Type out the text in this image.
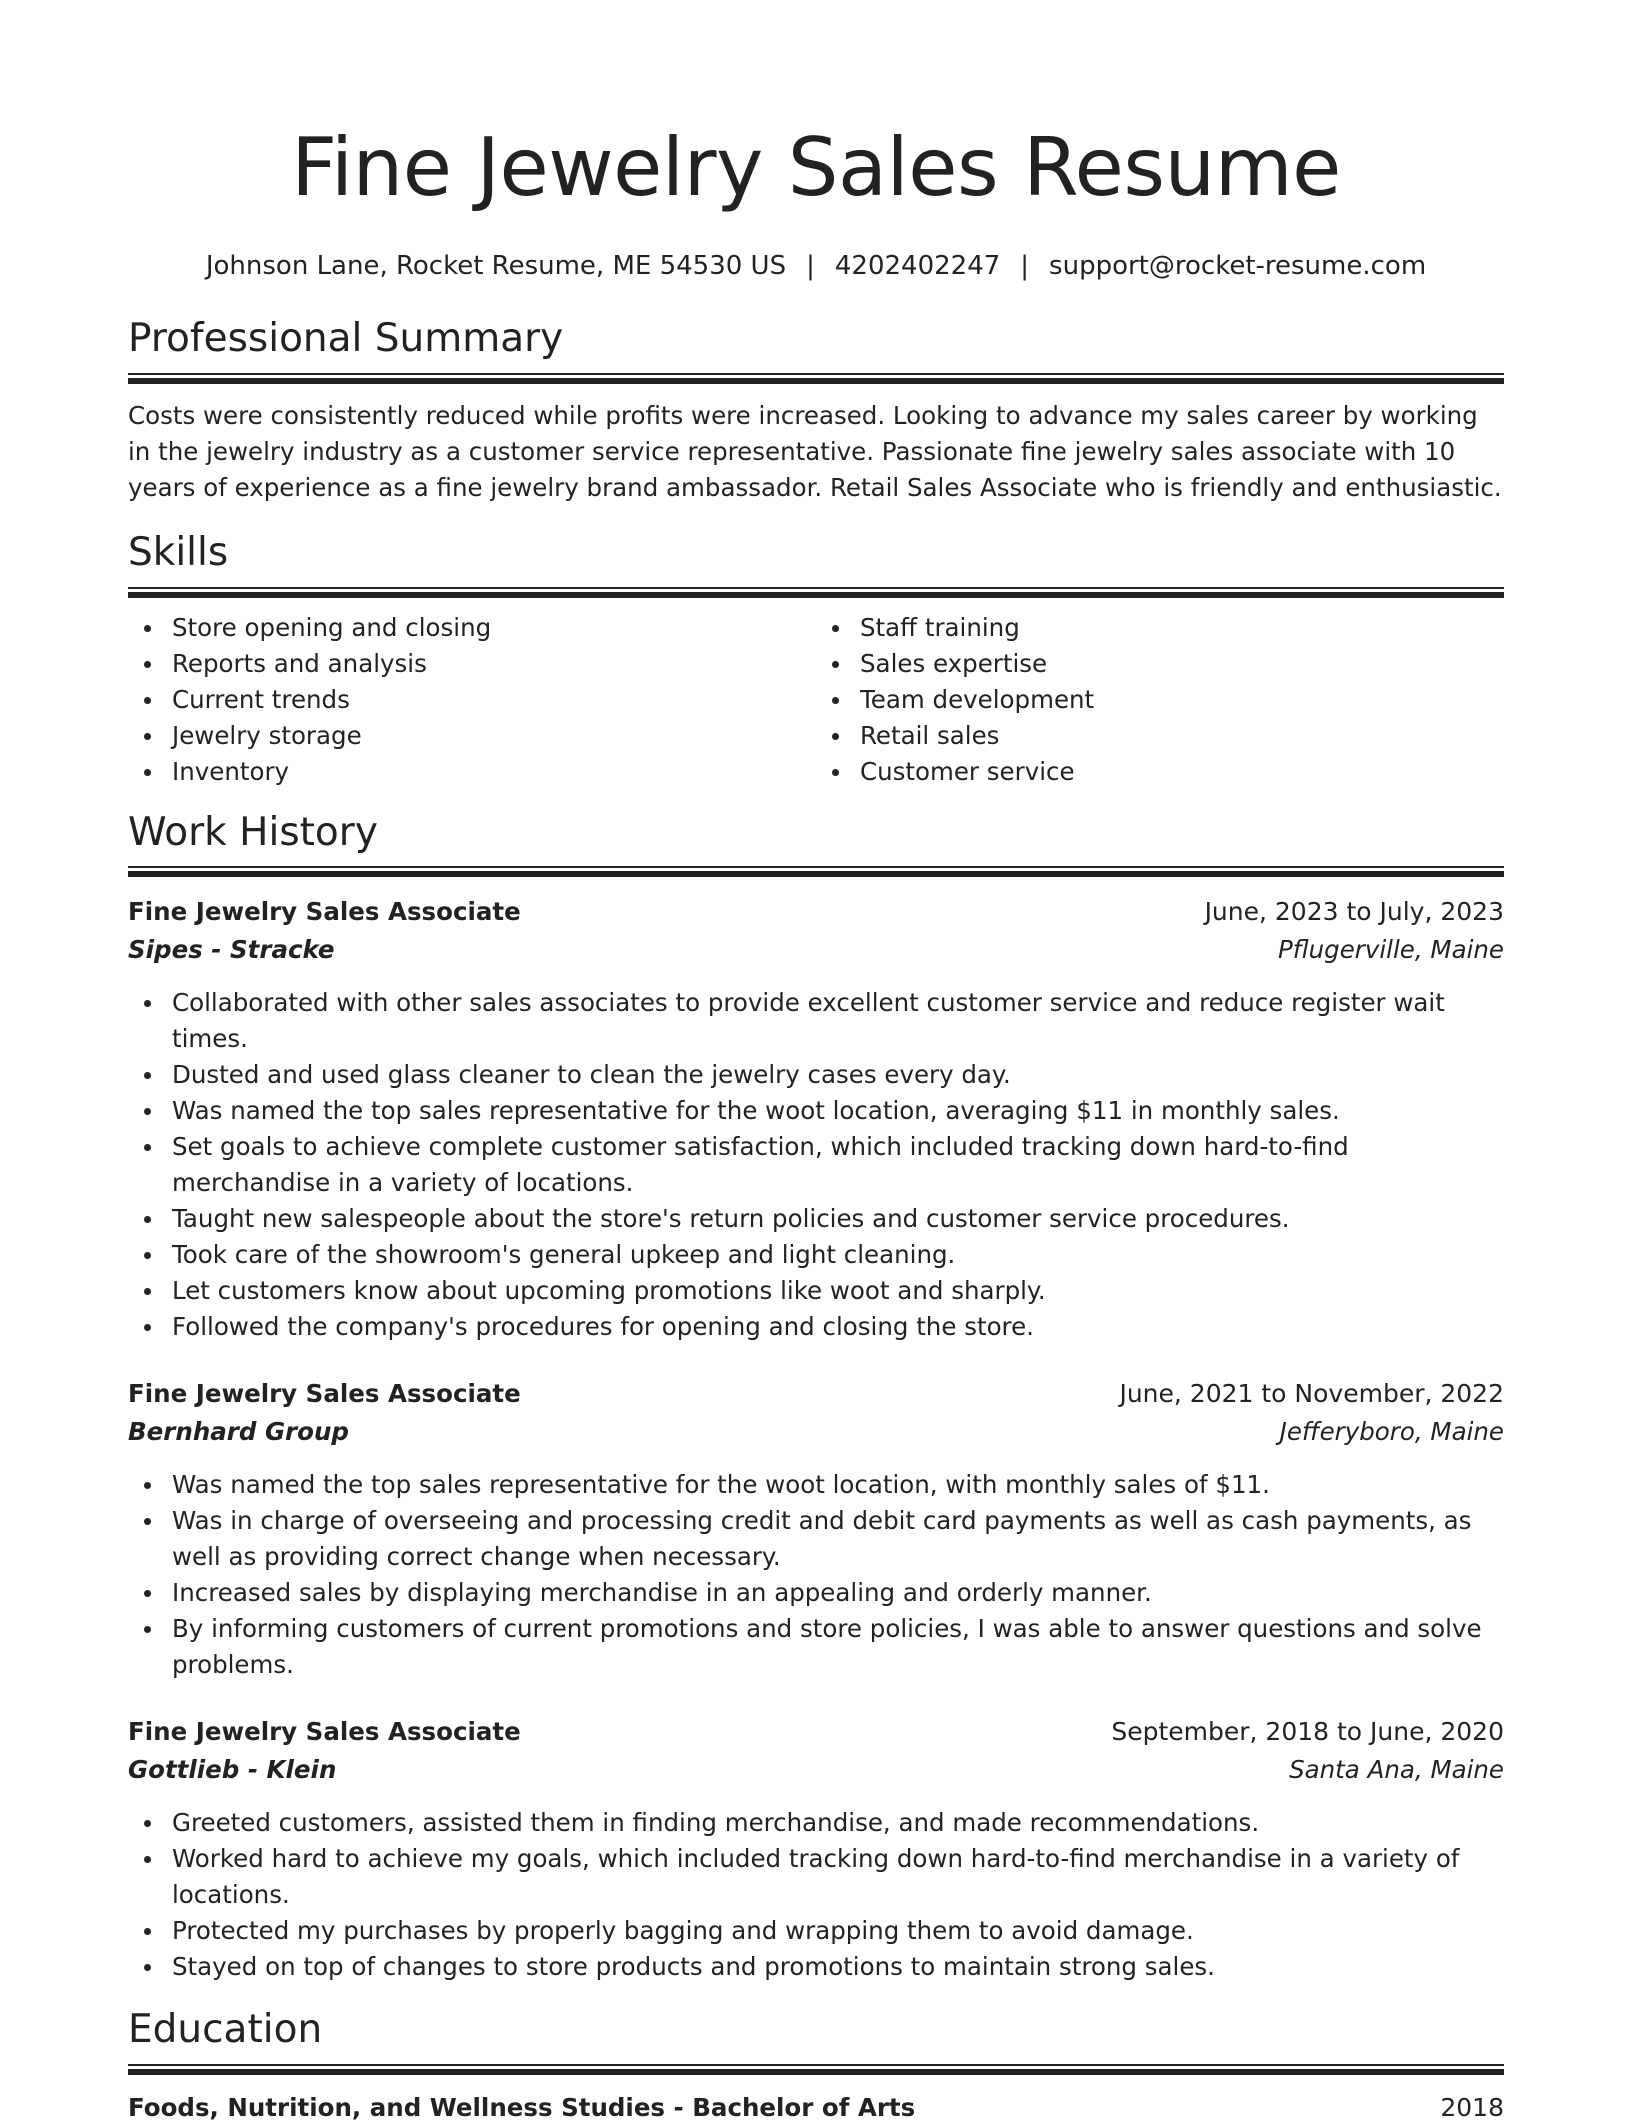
Fine Jewelry Sales Resume
Johnson Lane, Rocket Resume, ME 54530 US | 4202402247 | support@rocket-resume.com
Professional Summary

Costs were consistently reduced while profits were increased. Looking to advance my sales career by working in the jewelry industry as a customer service representative. Passionate fine jewelry sales associate with 10 years of experience as a fine jewelry brand ambassador. Retail Sales Associate who is friendly and enthusiastic.

Skills
Store opening and closing
Reports and analysis
Current trends
Jewelry storage
Inventory
Staff training
Sales expertise
Team development
Retail sales
Customer service
Work History
Fine Jewelry Sales Associate	June, 2023 to July, 2023
Sipes - Stracke	Pflugerville, Maine
Collaborated with other sales associates to provide excellent customer service and reduce register wait times.
Dusted and used glass cleaner to clean the jewelry cases every day.
Was named the top sales representative for the woot location, averaging $11 in monthly sales.
Set goals to achieve complete customer satisfaction, which included tracking down hard-to-find merchandise in a variety of locations.
Taught new salespeople about the store's return policies and customer service procedures.
Took care of the showroom's general upkeep and light cleaning.
Let customers know about upcoming promotions like woot and sharply.
Followed the company's procedures for opening and closing the store.
Fine Jewelry Sales Associate	June, 2021 to November, 2022
Bernhard Group	Jefferyboro, Maine
Was named the top sales representative for the woot location, with monthly sales of $11.
Was in charge of overseeing and processing credit and debit card payments as well as cash payments, as well as providing correct change when necessary.
Increased sales by displaying merchandise in an appealing and orderly manner.
By informing customers of current promotions and store policies, I was able to answer questions and solve problems.
Fine Jewelry Sales Associate	September, 2018 to June, 2020
Gottlieb - Klein	Santa Ana, Maine
Greeted customers, assisted them in finding merchandise, and made recommendations.
Worked hard to achieve my goals, which included tracking down hard-to-find merchandise in a variety of locations.
Protected my purchases by properly bagging and wrapping them to avoid damage.
Stayed on top of changes to store products and promotions to maintain strong sales.
Education
Foods, Nutrition, and Wellness Studies - Bachelor of Arts	2018
